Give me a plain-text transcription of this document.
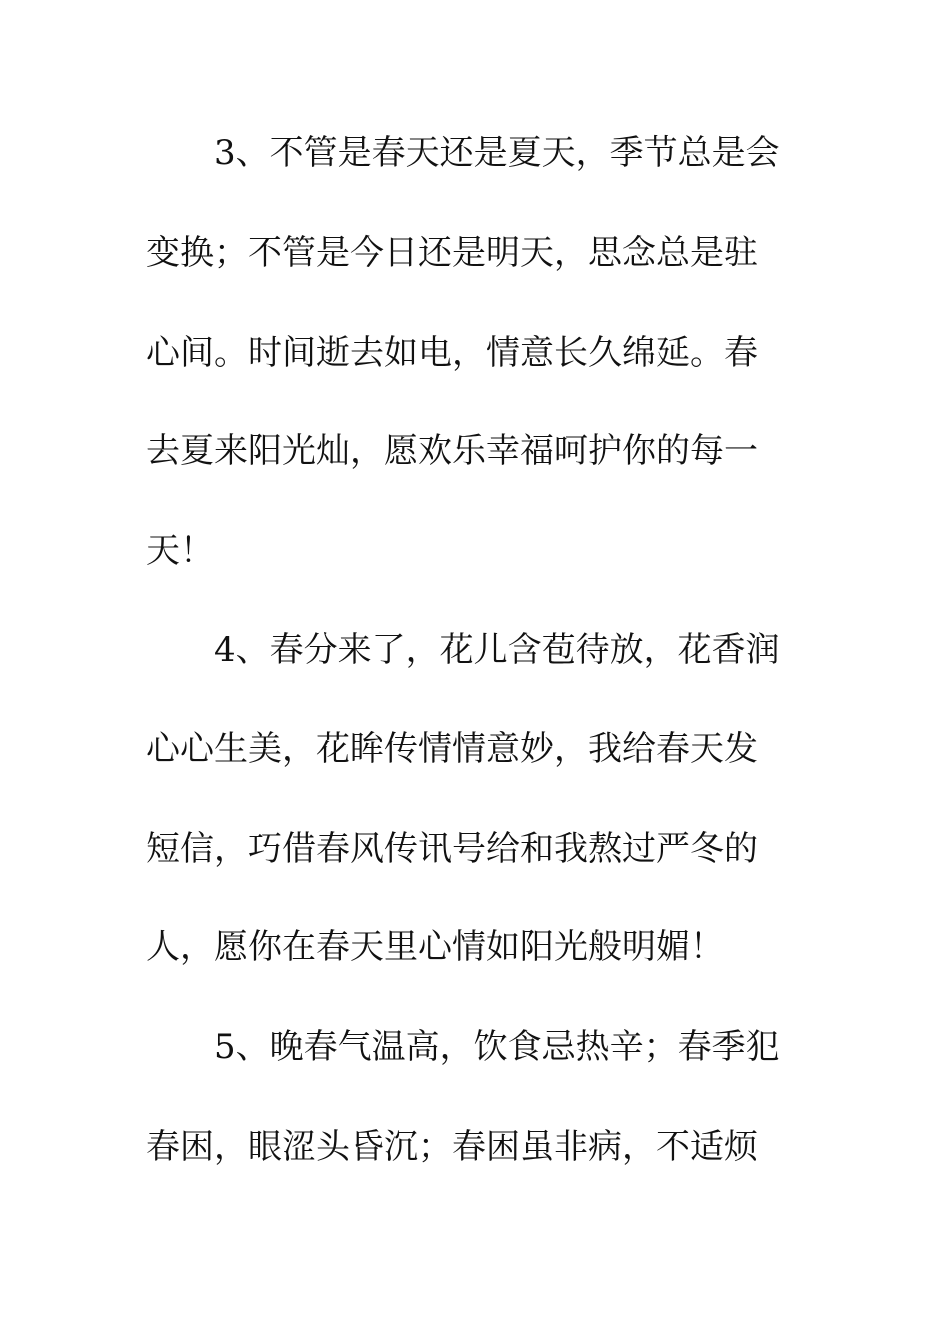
3、不管是春天还是夏天，季节总是会
变换；不管是今日还是明天，思念总是驻
心间。时间逝去如电，情意长久绵延。春
去夏来阳光灿，愿欢乐幸福呵护你的每一
天！
4、春分来了，花儿含苞待放，花香润
心心生美，花眸传情情意妙，我给春天发
短信，巧借春风传讯号给和我熬过严冬的
人，愿你在春天里心情如阳光般明媚！
5、晚春气温高，饮食忌热辛；春季犯
春困，眼涩头昏沉；春困虽非病，不适烦
